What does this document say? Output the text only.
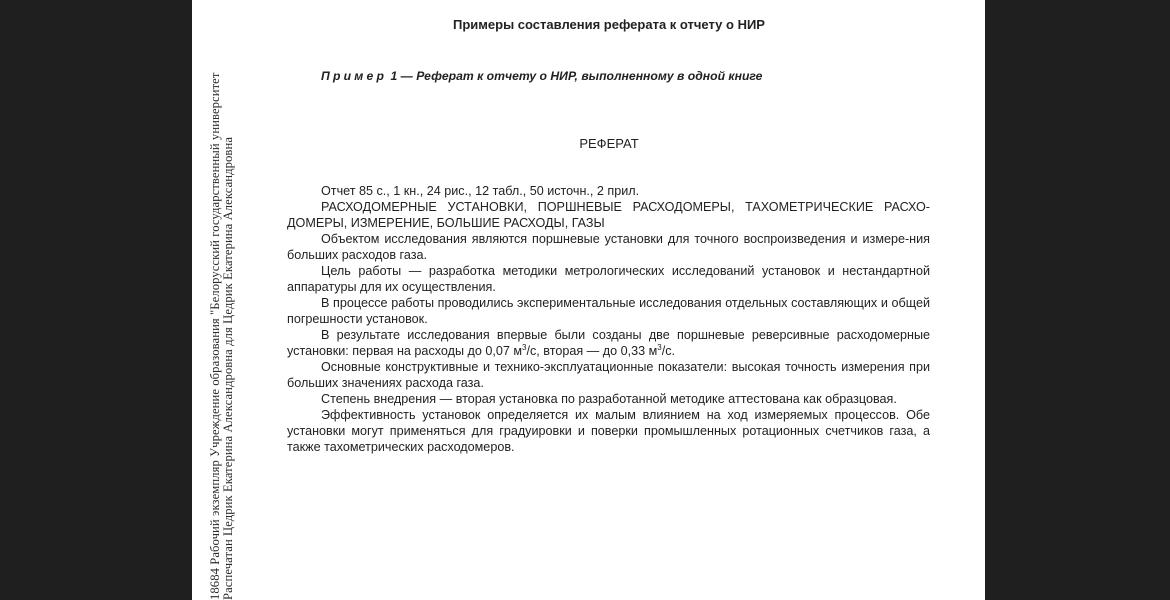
18684 Рабочий экземпляр Учреждение образования "Белорусский государственный университет Распечатан Цедрик Екатерина Александровна для Цедрик Екатерина Александровна
Примеры составления реферата к отчету о НИР
Пример 1 — Реферат к отчету о НИР, выполненному в одной книге
РЕФЕРАТ

Отчет 85 с., 1 кн., 24 рис., 12 табл., 50 источн., 2 прил.

РАСХОДОМЕРНЫЕ УСТАНОВКИ, ПОРШНЕВЫЕ РАСХОДОМЕРЫ, ТАХОМЕТРИЧЕСКИЕ РАСХО-ДОМЕРЫ, ИЗМЕРЕНИЕ, БОЛЬШИЕ РАСХОДЫ, ГАЗЫ

Объектом исследования являются поршневые установки для точного воспроизведения и измере-ния больших расходов газа.

Цель работы — разработка методики метрологических исследований установок и нестандартной аппаратуры для их осуществления.

В процессе работы проводились экспериментальные исследования отдельных составляющих и общей погрешности установок.

В результате исследования впервые были созданы две поршневые реверсивные расходомерные установки: первая на расходы до 0,07 $м^3/с$, вторая — до 0,33 $м^3/с$.

Основные конструктивные и технико-эксплуатационные показатели: высокая точность измерения при больших значениях расхода газа.

Степень внедрения — вторая установка по разработанной методике аттестована как образцовая.

Эффективность установок определяется их малым влиянием на ход измеряемых процессов. Обе установки могут применяться для градуировки и поверки промышленных ротационных счетчиков газа, а также тахометрических расходомеров.
